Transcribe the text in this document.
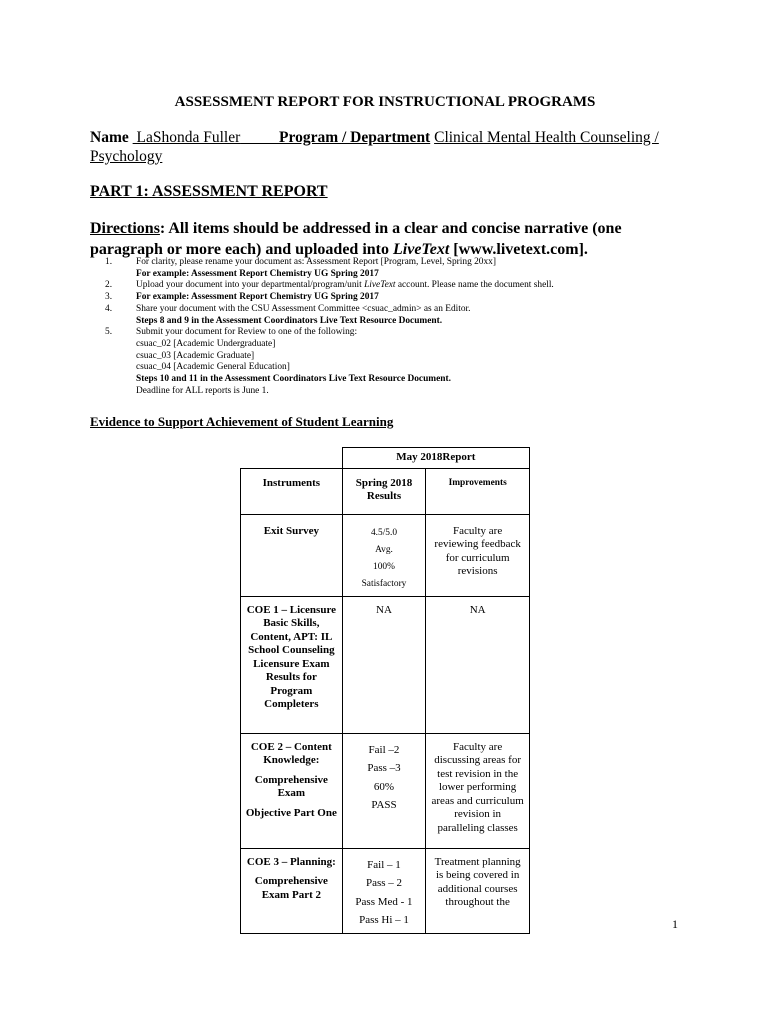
ASSESSMENT REPORT FOR INSTRUCTIONAL PROGRAMS
Name LaShonda Fuller_____Program / Department Clinical Mental Health Counseling /
Psychology
PART 1: ASSESSMENT REPORT
Directions: All items should be addressed in a clear and concise narrative (one paragraph or more each) and uploaded into LiveText [www.livetext.com].
1.	For clarity, please rename your document as: Assessment Report [Program, Level, Spring 20xx]
For example: Assessment Report Chemistry UG Spring 2017
2.	Upload your document into your departmental/program/unit LiveText account. Please name the document shell.
3.	For example: Assessment Report Chemistry UG Spring 2017
4.	Share your document with the CSU Assessment Committee <csuac_admin> as an Editor.
Steps 8 and 9 in the Assessment Coordinators Live Text Resource Document.
5.	Submit your document for Review to one of the following:
csuac_02 [Academic Undergraduate]
csuac_03 [Academic Graduate]
csuac_04 [Academic General Education]
Steps 10 and 11 in the Assessment Coordinators Live Text Resource Document.
Deadline for ALL reports is June 1.
Evidence to Support Achievement of Student Learning
	May 2018Report	
Instruments	Spring 2018 Results	Improvements
Exit Survey	4.5/5.0
Avg.
100%
Satisfactory	Faculty are reviewing feedback for curriculum revisions
COE 1 – Licensure Basic Skills, Content, APT: IL School Counseling Licensure Exam Results for Program Completers	NA	NA

COE 2 – Content Knowledge:
Comprehensive Exam
Objective Part One	Fail –2
Pass –3
60%
PASS	Faculty are discussing areas for test revision in the lower performing areas and curriculum revision in paralleling classes

COE 3 – Planning:
Comprehensive Exam Part 2	Fail – 1
Pass – 2
Pass Med - 1
Pass Hi – 1	Treatment planning is being covered in additional courses throughout the
1
